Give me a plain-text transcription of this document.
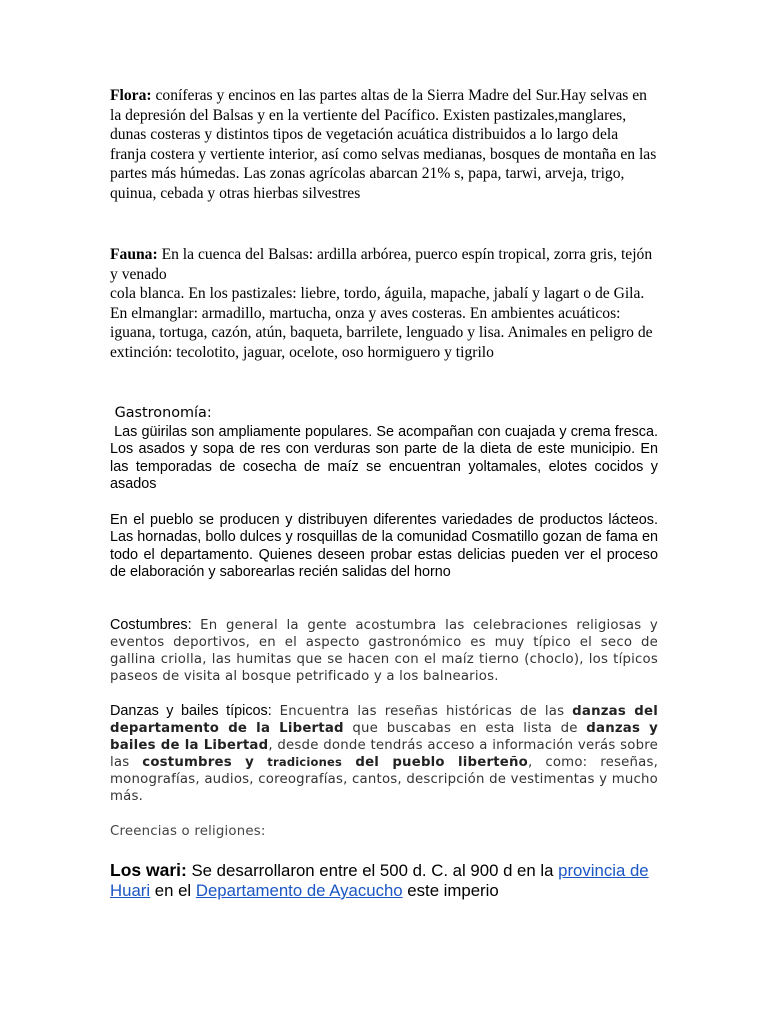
Flora: coníferas y encinos en las partes altas de la Sierra Madre del Sur.Hay selvas en la depresión del Balsas y en la vertiente del Pacífico. Existen pastizales,manglares, dunas costeras y distintos tipos de vegetación acuática distribuidos a lo largo dela franja costera y vertiente interior, así como selvas medianas, bosques de montaña en las partes más húmedas. Las zonas agrícolas abarcan 21% s, papa, tarwi, arveja, trigo, quinua, cebada y otras hierbas silvestres

Fauna: En la cuenca del Balsas: ardilla arbórea, puerco espín tropical, zorra gris, tejón y venado
cola blanca. En los pastizales: liebre, tordo, águila, mapache, jabalí y lagart o de Gila. En elmanglar: armadillo, martucha, onza y aves costeras. En ambientes acuáticos: iguana, tortuga, cazón, atún, baqueta, barrilete, lenguado y lisa. Animales en peligro de extinción: tecolotito, jaguar, ocelote, oso hormiguero y tigrilo

Gastronomía:

Las güirilas son ampliamente populares. Se acompañan con cuajada y crema fresca. Los asados y sopa de res con verduras son parte de la dieta de este municipio. En las temporadas de cosecha de maíz se encuentran yoltamales, elotes cocidos y asados

En el pueblo se producen y distribuyen diferentes variedades de productos lácteos. Las hornadas, bollo dulces y rosquillas de la comunidad Cosmatillo gozan de fama en todo el departamento. Quienes deseen probar estas delicias pueden ver el proceso de elaboración y saborearlas recién salidas del horno

Costumbres: En general la gente acostumbra las celebraciones religiosas y eventos deportivos, en el aspecto gastronómico es muy típico el seco de gallina criolla, las humitas que se hacen con el maíz tierno (choclo), los típicos paseos de visita al bosque petrificado y a los balnearios.

Danzas y bailes típicos: Encuentra las reseñas históricas de las danzas del departamento de la Libertad que buscabas en esta lista de danzas y bailes de la Libertad, desde donde tendrás acceso a información verás sobre las costumbres y tradiciones del pueblo liberteño, como: reseñas, monografías, audios, coreografías, cantos, descripción de vestimentas y mucho más.

Creencias o religiones:

Los wari: Se desarrollaron entre el 500 d. C. al 900 d en la provincia de Huari en el Departamento de Ayacucho este imperio
